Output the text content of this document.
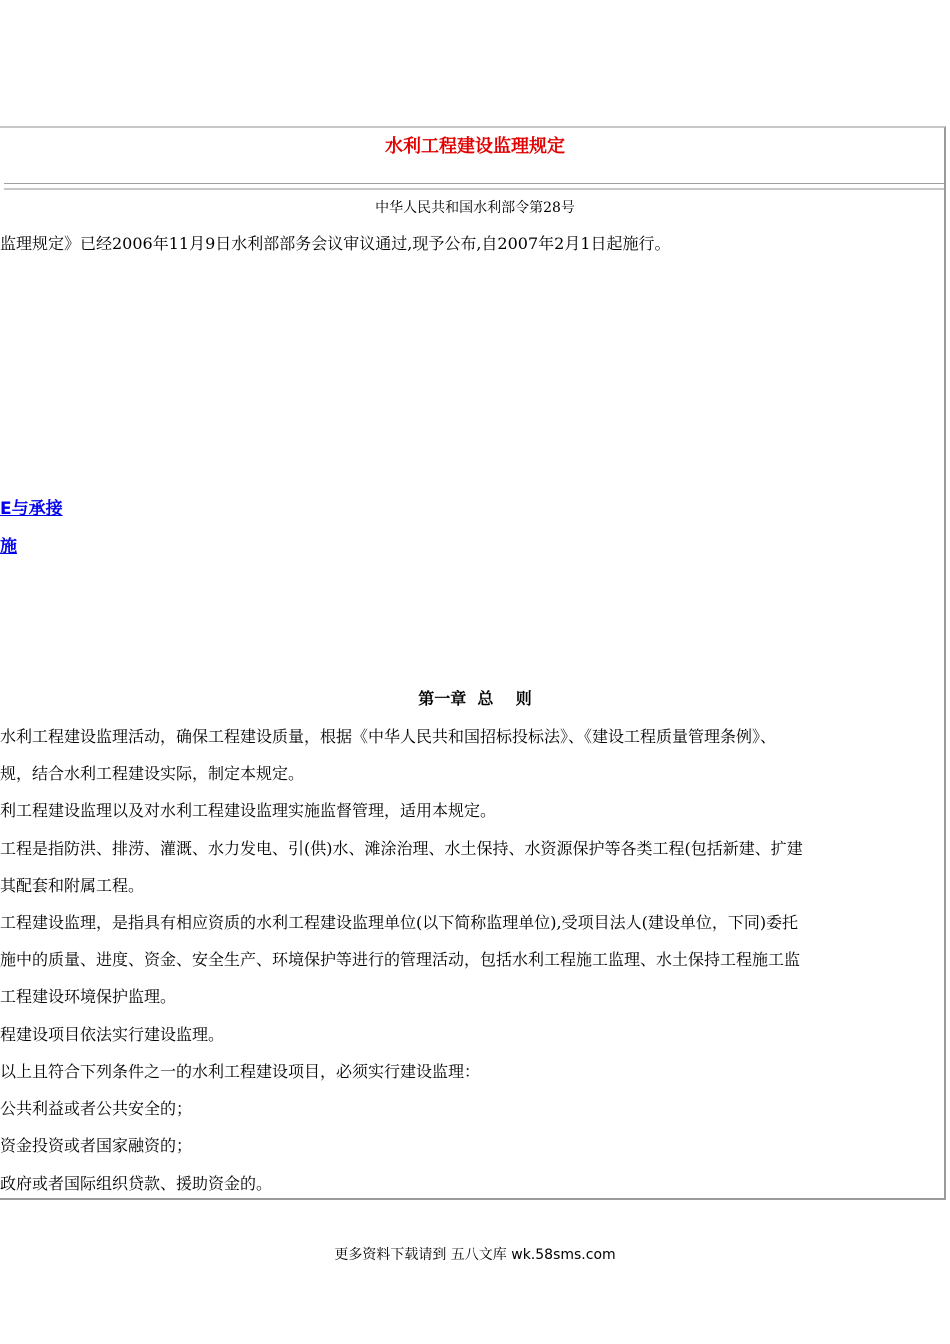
水利工程建设监理规定
中华人民共和国水利部令第28号
监理规定》已经2006年11月9日水利部部务会议审议通过,现予公布,自2007年2月1日起施行。
E与承接
施
第一章  总    则
水利工程建设监理活动，确保工程建设质量，根据《中华人民共和国招标投标法》、《建设工程质量管理条例》、
规，结合水利工程建设实际，制定本规定。
利工程建设监理以及对水利工程建设监理实施监督管理，适用本规定。
工程是指防洪、排涝、灌溉、水力发电、引(供)水、滩涂治理、水土保持、水资源保护等各类工程(包括新建、扩建
其配套和附属工程。
工程建设监理，是指具有相应资质的水利工程建设监理单位(以下简称监理单位),受项目法人(建设单位，下同)委托
施中的质量、进度、资金、安全生产、环境保护等进行的管理活动，包括水利工程施工监理、水土保持工程施工监
工程建设环境保护监理。
程建设项目依法实行建设监理。
以上且符合下列条件之一的水利工程建设项目，必须实行建设监理：
公共利益或者公共安全的；
资金投资或者国家融资的；
政府或者国际组织贷款、援助资金的。
更多资料下载请到 五八文库 wk.58sms.com
